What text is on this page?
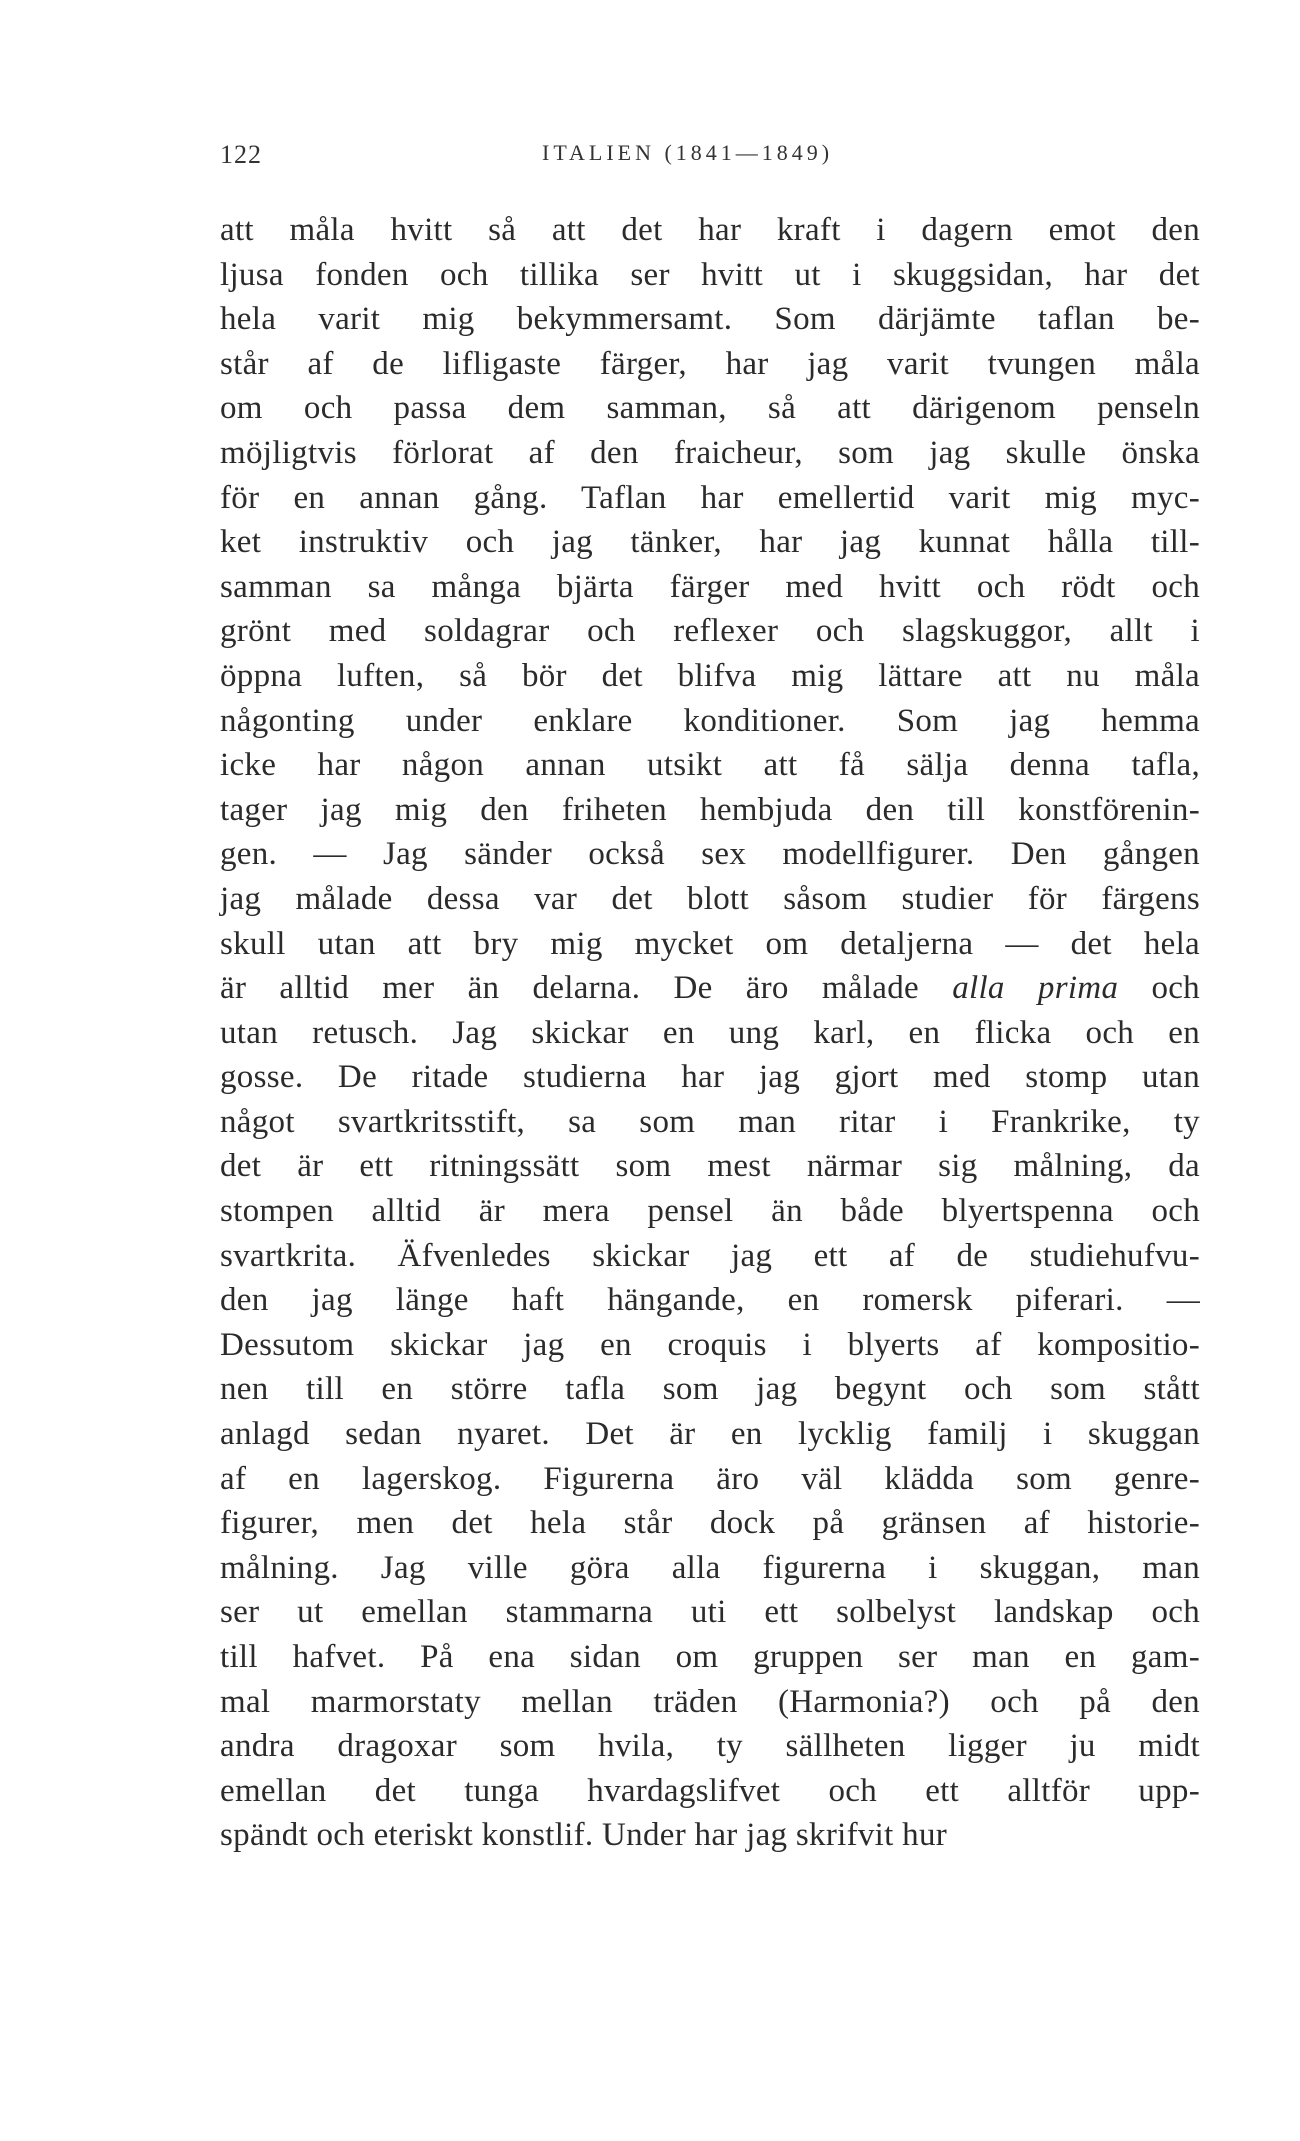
122	ITALIEN (1841—1849)
att måla hvitt så att det har kraft i dagern emot den
ljusa fonden och tillika ser hvitt ut i skuggsidan, har det
hela varit mig bekymmersamt. Som därjämte taflan be-
står af de lifligaste färger, har jag varit tvungen måla
om och passa dem samman, så att därigenom penseln
möjligtvis förlorat af den fraicheur, som jag skulle önska
för en annan gång. Taflan har emellertid varit mig myc-
ket instruktiv och jag tänker, har jag kunnat hålla till-
samman sa många bjärta färger med hvitt och rödt och
grönt med soldagrar och reflexer och slagskuggor, allt i
öppna luften, så bör det blifva mig lättare att nu måla
någonting under enklare konditioner. Som jag hemma
icke har någon annan utsikt att få sälja denna tafla,
tager jag mig den friheten hembjuda den till konstförenin-
gen. — Jag sänder också sex modellfigurer. Den gången
jag målade dessa var det blott såsom studier för färgens
skull utan att bry mig mycket om detaljerna — det hela
är alltid mer än delarna. De äro målade alla prima och
utan retusch. Jag skickar en ung karl, en flicka och en
gosse. De ritade studierna har jag gjort med stomp utan
något svartkritsstift, sa som man ritar i Frankrike, ty
det är ett ritningssätt som mest närmar sig målning, da
stompen alltid är mera pensel än både blyertspenna och
svartkrita. Äfvenledes skickar jag ett af de studiehufvu-
den jag länge haft hängande, en romersk piferari. —
Dessutom skickar jag en croquis i blyerts af kompositio-
nen till en större tafla som jag begynt och som stått
anlagd sedan nyaret. Det är en lycklig familj i skuggan
af en lagerskog. Figurerna äro väl klädda som genre-
figurer, men det hela står dock på gränsen af historie-
målning. Jag ville göra alla figurerna i skuggan, man
ser ut emellan stammarna uti ett solbelyst landskap och
till hafvet. På ena sidan om gruppen ser man en gam-
mal marmorstaty mellan träden (Harmonia?) och på den
andra dragoxar som hvila, ty sällheten ligger ju midt
emellan det tunga hvardagslifvet och ett alltför upp-
spändt och eteriskt konstlif. Under har jag skrifvit hur
